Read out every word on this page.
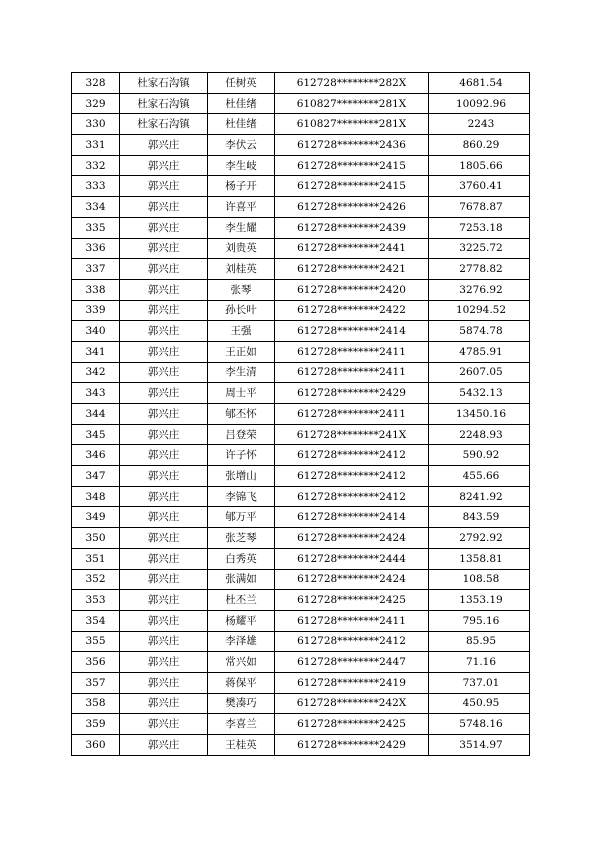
328	杜家石沟镇	任树英	612728********282X	4681.54
329	杜家石沟镇	杜佳绪	610827********281X	10092.96
330	杜家石沟镇	杜佳绪	610827********281X	2243
331	郭兴庄	李伏云	612728********2436	860.29
332	郭兴庄	李生岐	612728********2415	1805.66
333	郭兴庄	杨子开	612728********2415	3760.41
334	郭兴庄	许喜平	612728********2426	7678.87
335	郭兴庄	李生耀	612728********2439	7253.18
336	郭兴庄	刘贵英	612728********2441	3225.72
337	郭兴庄	刘桂英	612728********2421	2778.82
338	郭兴庄	张琴	612728********2420	3276.92
339	郭兴庄	孙长叶	612728********2422	10294.52
340	郭兴庄	王强	612728********2414	5874.78
341	郭兴庄	王正如	612728********2411	4785.91
342	郭兴庄	李生清	612728********2411	2607.05
343	郭兴庄	周士平	612728********2429	5432.13
344	郭兴庄	郇丕怀	612728********2411	13450.16
345	郭兴庄	吕登荣	612728********241X	2248.93
346	郭兴庄	许子怀	612728********2412	590.92
347	郭兴庄	张增山	612728********2412	455.66
348	郭兴庄	李锦飞	612728********2412	8241.92
349	郭兴庄	郇万平	612728********2414	843.59
350	郭兴庄	张芝琴	612728********2424	2792.92
351	郭兴庄	白秀英	612728********2444	1358.81
352	郭兴庄	张满如	612728********2424	108.58
353	郭兴庄	杜丕兰	612728********2425	1353.19
354	郭兴庄	杨耀平	612728********2411	795.16
355	郭兴庄	李泽雄	612728********2412	85.95
356	郭兴庄	常兴如	612728********2447	71.16
357	郭兴庄	蒋保平	612728********2419	737.01
358	郭兴庄	樊凑巧	612728********242X	450.95
359	郭兴庄	李喜兰	612728********2425	5748.16
360	郭兴庄	王桂英	612728********2429	3514.97
